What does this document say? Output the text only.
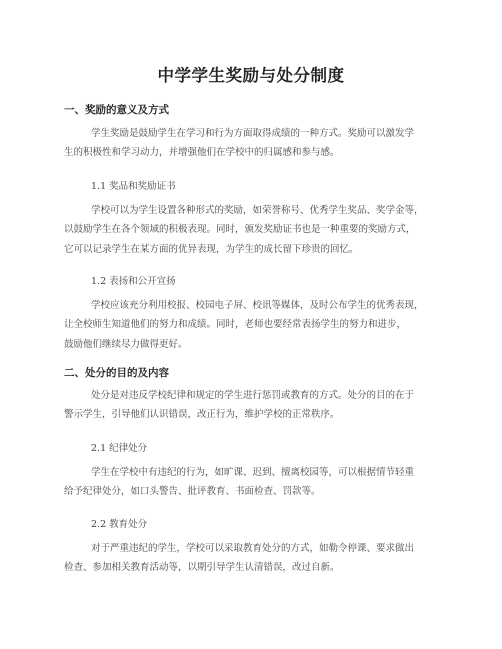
中学学生奖励与处分制度
一、奖励的意义及方式
学生奖励是鼓励学生在学习和行为方面取得成绩的一种方式。奖励可以激发学
生的积极性和学习动力，并增强他们在学校中的归属感和参与感。
1.1 奖品和奖励证书
学校可以为学生设置各种形式的奖励，如荣誉称号、优秀学生奖品、奖学金等，
以鼓励学生在各个领域的积极表现。同时，颁发奖励证书也是一种重要的奖励方式，
它可以记录学生在某方面的优异表现，为学生的成长留下珍贵的回忆。
1.2 表扬和公开宣扬
学校应该充分利用校报、校园电子屏、校讯等媒体，及时公布学生的优秀表现，
让全校师生知道他们的努力和成绩。同时，老师也要经常表扬学生的努力和进步，
鼓励他们继续尽力做得更好。
二、处分的目的及内容
处分是对违反学校纪律和规定的学生进行惩罚或教育的方式。处分的目的在于
警示学生，引导他们认识错误，改正行为，维护学校的正常秩序。
2.1 纪律处分
学生在学校中有违纪的行为，如旷课、迟到、擅离校园等，可以根据情节轻重
给予纪律处分，如口头警告、批评教育、书面检查、罚款等。
2.2 教育处分
对于严重违纪的学生，学校可以采取教育处分的方式，如勒令停课、要求做出
检查、参加相关教育活动等，以期引导学生认清错误，改过自新。
